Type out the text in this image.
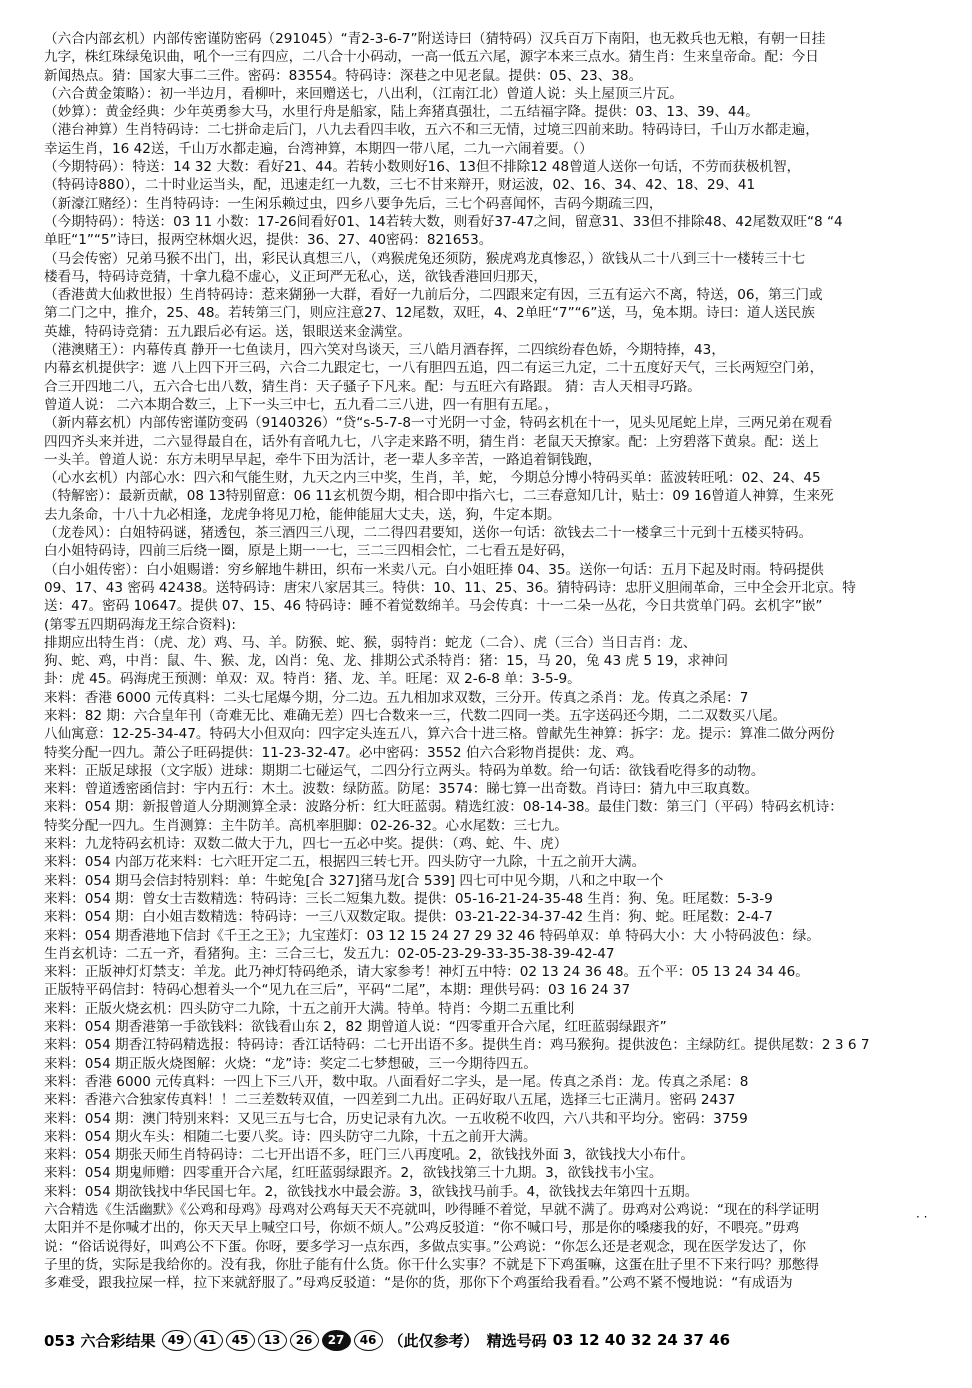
（六合内部玄机）内部传密谨防密码（291045）“青2-3-6-7”附送诗曰（猜特码）汉兵百万下南阳，也无救兵也无粮，有朝一日挂
九字，株红珠绿兔识曲，吼个一三有四应，二八合十小码动，一高一低五六尾，源字本来三点水。猜生肖：生来皇帝命。配：今日
新闻热点。猜：国家大事二三件。密码：83554。特码诗：深巷之中见老鼠。提供：05、23、38。
（六合黄金策略）：初一半边月，看柳叶，来回赠送七，八出利，（江南江北）曾道人说：头上屋顶三片瓦。
（妙算）：黄金经典：少年英勇参大马，水里行舟是船家，陆上奔猪真强壮，二五结福字降。提供：03、13、39、44。
（港台神算）生肖特码诗：二七拼命走后门，八九去看四丰收，五六不和三无情，过境三四前来助。特码诗曰，千山万水都走遍，
幸运生肖，16 42送，千山万水都走遍，台湾神算，本期四一带八尾，二九一六闹着要。（）
（今期特码）：特送：14 32 大数：看好21、44。若转小数则好16、13但不排除12 48曾道人送你一句话，不劳而获极机智，
（特码诗880），二十时业运当头，配，迅速走红一九数，三七不甘来辩开，财运波，02、16、34、42、18、29、41
（新濠江赌经）：生肖特码诗：一生闲乐赖过虫，四乡八要争先后，三七个码喜闻怀，吉码今期疏三四，
（今期特码）：特送：03 11 小数：17-26间看好01、14若转大数，则看好37-47之间，留意31、33但不排除48、42尾数双旺“8 “4
单旺“1”“5”诗曰，报两空林烟火迟，提供：36、27、40密码：821653。
（马会传密）兄弟马猴不出门，出，彩民认真想三八，（鸡猴虎兔还须防，猴虎鸡龙真惨忍，）欲钱从二十八到三十一楼转三十七
楼看马，特码诗竞猜，十拿九稳不虚心，义正珂严无私心，送，欲钱香港回归那天，
（香港黄大仙救世报）生肖特码诗：惹来猢狲一大群，看好一九前后分，二四跟来定有因，三五有运六不离，特送，06，第三门或
第二门之中，推介，25、48。若转第三门，则应注意27、12尾数，双旺，4、2单旺“7”“6”送，马，兔本期。诗曰：道人送民族
英雄，特码诗竞猜：五九跟后必有运。送，银眼送来金满堂。
（港澳赌王）：内幕传真 静开一七鱼读月，四六笑对鸟谈天，三八皓月酒春挥，二四缤纷春色娇，今期特捧，43，
内幕玄机提供字：遮 八上四下开三码，六合二九跟定七，一八有胆四五追，四二有运三九定，二十五度好天气，三长两短空门弟，
合三开四地二八，五六合七出八数，猜生肖：天子骚子下凡来。配：与五旺六有路跟。 猜：吉人天相寻巧路。
曾道人说： 二六本期合数三，上下一头三中七，五九看二三八进，四一有胆有五尾。，
（新内幕玄机）内部传密谨防变码（9140326）“贷“s-5-7-8一寸光阴一寸金，特码玄机在十一，见头见尾蛇上岸，三两兄弟在观看
四四齐头来并进，二六显得最自在，话外有音吼九七，八字走来路不明，猜生肖：老鼠天天撩家。配：上穷碧落下黄泉。配：送上
一头羊。曾道人说：东方未明早早起，牵牛下田为活计，老一辈人多辛苦，一路追着铜钱跑，
（心水玄机）内部心水：四六和气能生财，九天之内三中奖，生肖，羊，蛇， 今期总分博小特码买单：蓝波转旺吼：02、24、45
（特解密）：最新贡献，08 13特别留意：06 11玄机贺今期，相合即中指六七，二三春意知几计，贴士：09 16曾道人神算，生来死
去九条命，十八十九必相逢，龙虎争将见刀枪，能伸能屈大丈夫，送，狗，牛定本期。
（龙卷风）：白姐特码谜，猪透包，茶三酒四三八现，二二得四君要知，送你一句话：欲钱去二十一楼拿三十元到十五楼买特码。
白小姐特码诗，四前三后绕一圈，原是上期一一七，三二三四相会忙，二七看五是好码，
（白小姐传密）：白小姐赐谱：穷乡解地牛耕田，织布一米卖八元。白小姐旺捧 04、35。送你一句话：五月下起及时雨。特码提供
09、17、43 密码 42438。送特码诗：唐宋八家居其三。特供：10、11、25、36。猜特码诗：忠肝义胆闹革命，三中全会开北京。特
送：47。密码 10647。提供 07、15、46 特码诗：睡不着觉数绵羊。马会传真：十一二朵一丛花，今日共赏单门码。玄机字”嵌”
(第零五四期码海龙王综合资料):
排期应出特生肖：（虎、龙）鸡、马、羊。防猴、蛇、猴，弱特肖：蛇龙（二合）、虎（三合）当日吉肖：龙、
狗、蛇、鸡，中肖：鼠、牛、猴、龙，凶肖：兔、龙、排期公式杀特肖：猪：15，马 20，兔 43 虎 5 19，求神问
卦：虎 45。码海虎王预测：单双：双。特肖：猪、龙、羊。旺尾：双 2-6-8 单：3-5-9。
来料：香港 6000 元传真料：二头七尾爆今期，分二边。五九相加求双数，三分开。传真之杀肖：龙。传真之杀尾：7
来料：82 期：六合皇年刊（奇难无比、难确无差）四七合数来一三，代数二四同一类。五字送码还今期，二二双数买八尾。
八仙寓意：12-25-34-47。特码大小但双向：四字定头连五八，算六合十进三格。曾献先生神算：拆字：龙。提示：算准二做分两份
特奖分配一四九。萧公子旺码提供：11-23-32-47。必中密码：3552 伯六合彩物肖提供：龙、鸡。
来料：正版足球报（文字版）进球：期期二七碰运气，二四分行立两头。特码为单数。给一句话：欲钱看吃得多的动物。
来料：曾道透密函信封：宇内五行：木土。波数：绿防蓝。防尾：3574：睇七算一出奇数。肖诗曰：猜九中三取真数。
来料：054 期：新报曾道人分期测算全录：波路分析：红大旺蓝弱。精选红波：08-14-38。最佳门数：第三门（平码）特码玄机诗：
特奖分配一四九。生肖测算：主牛防羊。高机率胆脚：02-26-32。心水尾数：三七九。
来料：九龙特码玄机诗：双数二做大于九，四七一五必中奖。提供：（鸡、蛇、牛、虎）
来料：054 内部万花来料：七六旺开定二五，根据四三转七开。四头防守一九除，十五之前开大满。
来料：054 期马会信封特别料：单：牛蛇兔[合 327]猪马龙[合 539] 四七可中见今期，八和之中取一个
来料：054 期：曾女士吉数精选：特码诗：三长二短集九数。提供：05-16-21-24-35-48 生肖：狗、兔。旺尾数：5-3-9
来料：054 期：白小姐吉数精选：特码诗：一三八双数定取。提供：03-21-22-34-37-42 生肖：狗、蛇。旺尾数：2-4-7
来料：054 期香港地下信封《千王之王》；九宝莲灯：03 12 15 24 27 29 32 46 特码单双：单 特码大小：大 小特码波色：绿。
生肖玄机诗：二五一齐，看猪狗。主：三合三七，发五九：02-05-23-29-33-35-38-39-42-47
来料：正版神灯灯禁支：羊龙。此乃神灯特码绝杀，请大家参考！神灯五中特：02 13 24 36 48。五个平：05 13 24 34 46。
正版特平码信封：特码心想着头一个“见九在三后”，平码“二尾”，本期：理供号码：03 16 24 37
来料：正版火烧玄机：四头防守二九除，十五之前开大满。特单。特肖：今期二五重比利
来料：054 期香港第一手欲钱料：欲钱看山东 2，82 期曾道人说：“四零重开合六尾，红旺蓝弱绿跟齐”
来料：054 期香江特码精选报：特码诗：香江话特码：二七开出语不多。提供生肖：鸡马猴狗。提供波色：主绿防红。提供尾数：2 3 6 7
来料：054 期正版火烧图解：火烧：“龙”诗：奖定二七梦想破，三一今期待四五。
来料：香港 6000 元传真料：一四上下三八开，数中取。八面看好二字头，是一尾。传真之杀肖：龙。传真之杀尾：8
来料：香港六合独家传真料！！二三差数转双值，一四差到二九出。正码好取八五尾，选择三七正满月。密码 2437
来料：054 期：澳门特别来料：又见三五与七合，历史记录有九次。一五收税不收四，六八共和平均分。密码：3759
来料：054 期火车头：相随二七要八奖。诗：四头防守二九除，十五之前开大满。
来料：054 期张天师生肖特码诗：二七开出语不多，旺门三八再度吼。2，欲钱找外面 3，欲钱找大小布什。
来料：054 期鬼师赠：四零重开合六尾，红旺蓝弱绿跟齐。2，欲钱找第三十九期。3，欲钱找韦小宝。
来料：054 期欲钱找中华民国七年。2，欲钱找水中最会游。3，欲钱找马前手。4，欲钱找去年第四十五期。
六合精选《生活幽默》《公鸡和母鸡》母鸡对公鸡每天天不亮就叫，吵得睡不着觉，早就不满了。毋鸡对公鸡说：“现在的科学证明
太阳并不是你喊才出的，你天天早上喊空口号，你烦不烦人。”公鸡反驳道：“你不喊口号，那是你的嗓瘘我的好，不喂亮。”毋鸡
说：“俗话说得好，叫鸡公不下蛋。你呀，要多学习一点东西，多做点实事。”公鸡说：“你怎么还是老观念，现在医学发达了，你
子里的货，实际是我给你的。没有我，你肚子能有什么货。你干什么实事？不就是下下鸡蛋嘛，这蛋在肚子里不下来行吗？那憋得
多难受，跟我拉屎一样，拉下来就舒服了。”母鸡反驳道：“是你的货，那你下个鸡蛋给我看看。”公鸡不紧不慢地说：“有成语为
· ·
053 六合彩结果	49	41	45	13	26	27	46 （此仅参考） 精选号码 03 12 40 32 24 37 46
